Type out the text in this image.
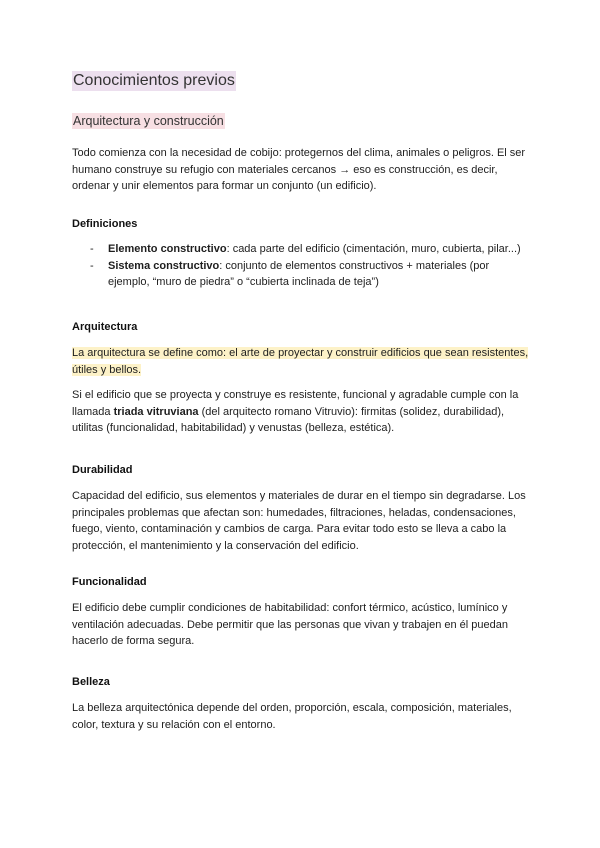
Conocimientos previos
Arquitectura y construcción

Todo comienza con la necesidad de cobijo: protegernos del clima, animales o peligros. El ser humano construye su refugio con materiales cercanos → eso es construcción, es decir, ordenar y unir elementos para formar un conjunto (un edificio).

Definiciones
- Elemento constructivo: cada parte del edificio (cimentación, muro, cubierta, pilar...)
- Sistema constructivo: conjunto de elementos constructivos + materiales (por ejemplo, “muro de piedra” o “cubierta inclinada de teja”)
Arquitectura

La arquitectura se define como: el arte de proyectar y construir edificios que sean resistentes, útiles y bellos.

Si el edificio que se proyecta y construye es resistente, funcional y agradable cumple con la llamada triada vitruviana (del arquitecto romano Vitruvio): firmitas (solidez, durabilidad), utilitas (funcionalidad, habitabilidad) y venustas (belleza, estética).

Durabilidad

Capacidad del edificio, sus elementos y materiales de durar en el tiempo sin degradarse. Los principales problemas que afectan son: humedades, filtraciones, heladas, condensaciones, fuego, viento, contaminación y cambios de carga. Para evitar todo esto se lleva a cabo la protección, el mantenimiento y la conservación del edificio.

Funcionalidad

El edificio debe cumplir condiciones de habitabilidad: confort térmico, acústico, lumínico y ventilación adecuadas. Debe permitir que las personas que vivan y trabajen en él puedan hacerlo de forma segura.

Belleza

La belleza arquitectónica depende del orden, proporción, escala, composición, materiales, color, textura y su relación con el entorno.
